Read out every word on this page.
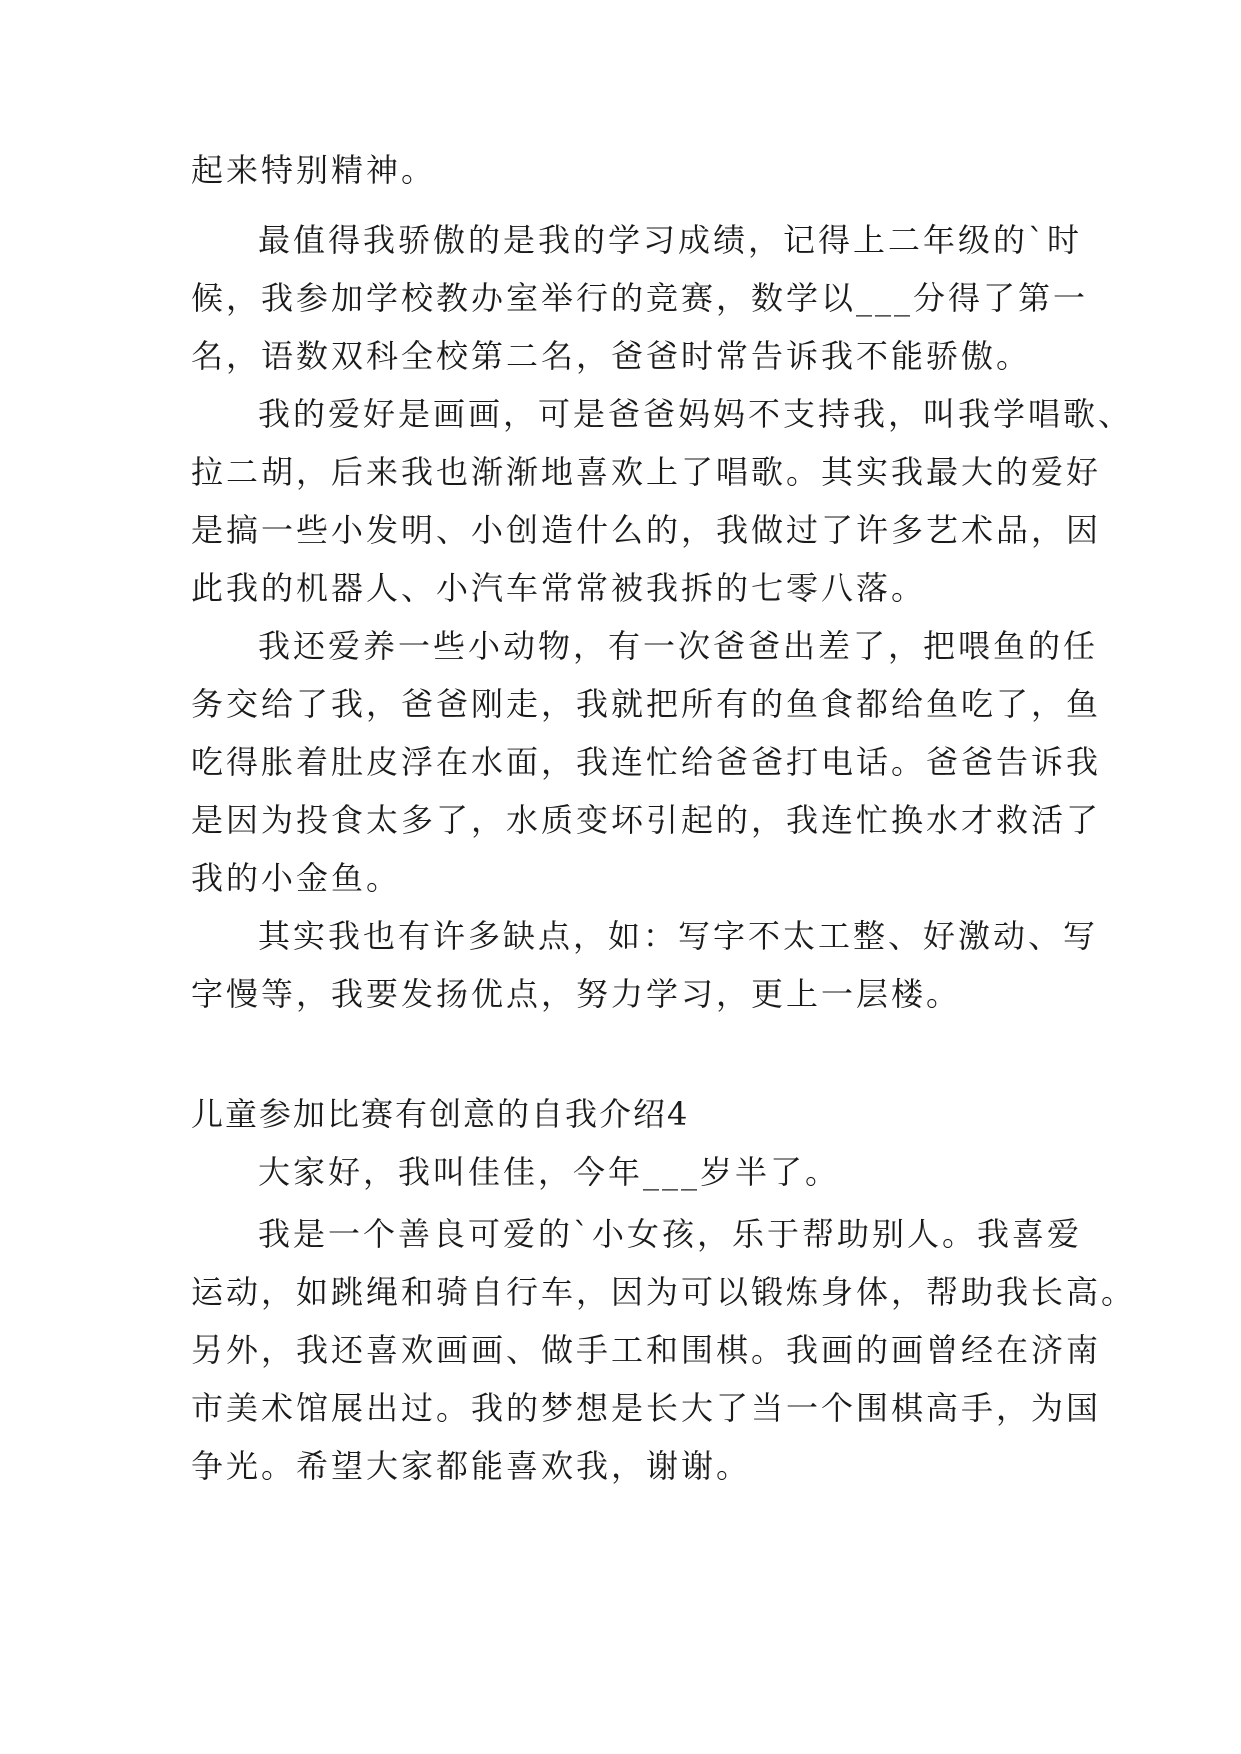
起来特别精神。
最值得我骄傲的是我的学习成绩，记得上二年级的`时
候，我参加学校教办室举行的竞赛，数学以___分得了第一
名，语数双科全校第二名，爸爸时常告诉我不能骄傲。
我的爱好是画画，可是爸爸妈妈不支持我，叫我学唱歌、
拉二胡，后来我也渐渐地喜欢上了唱歌。其实我最大的爱好
是搞一些小发明、小创造什么的，我做过了许多艺术品，因
此我的机器人、小汽车常常被我拆的七零八落。
我还爱养一些小动物，有一次爸爸出差了，把喂鱼的任
务交给了我，爸爸刚走，我就把所有的鱼食都给鱼吃了，鱼
吃得胀着肚皮浮在水面，我连忙给爸爸打电话。爸爸告诉我
是因为投食太多了，水质变坏引起的，我连忙换水才救活了
我的小金鱼。
其实我也有许多缺点，如：写字不太工整、好激动、写
字慢等，我要发扬优点，努力学习，更上一层楼。
儿童参加比赛有创意的自我介绍4
大家好，我叫佳佳，今年___岁半了。
我是一个善良可爱的`小女孩，乐于帮助别人。我喜爱
运动，如跳绳和骑自行车，因为可以锻炼身体，帮助我长高。
另外，我还喜欢画画、做手工和围棋。我画的画曾经在济南
市美术馆展出过。我的梦想是长大了当一个围棋高手，为国
争光。希望大家都能喜欢我，谢谢。
